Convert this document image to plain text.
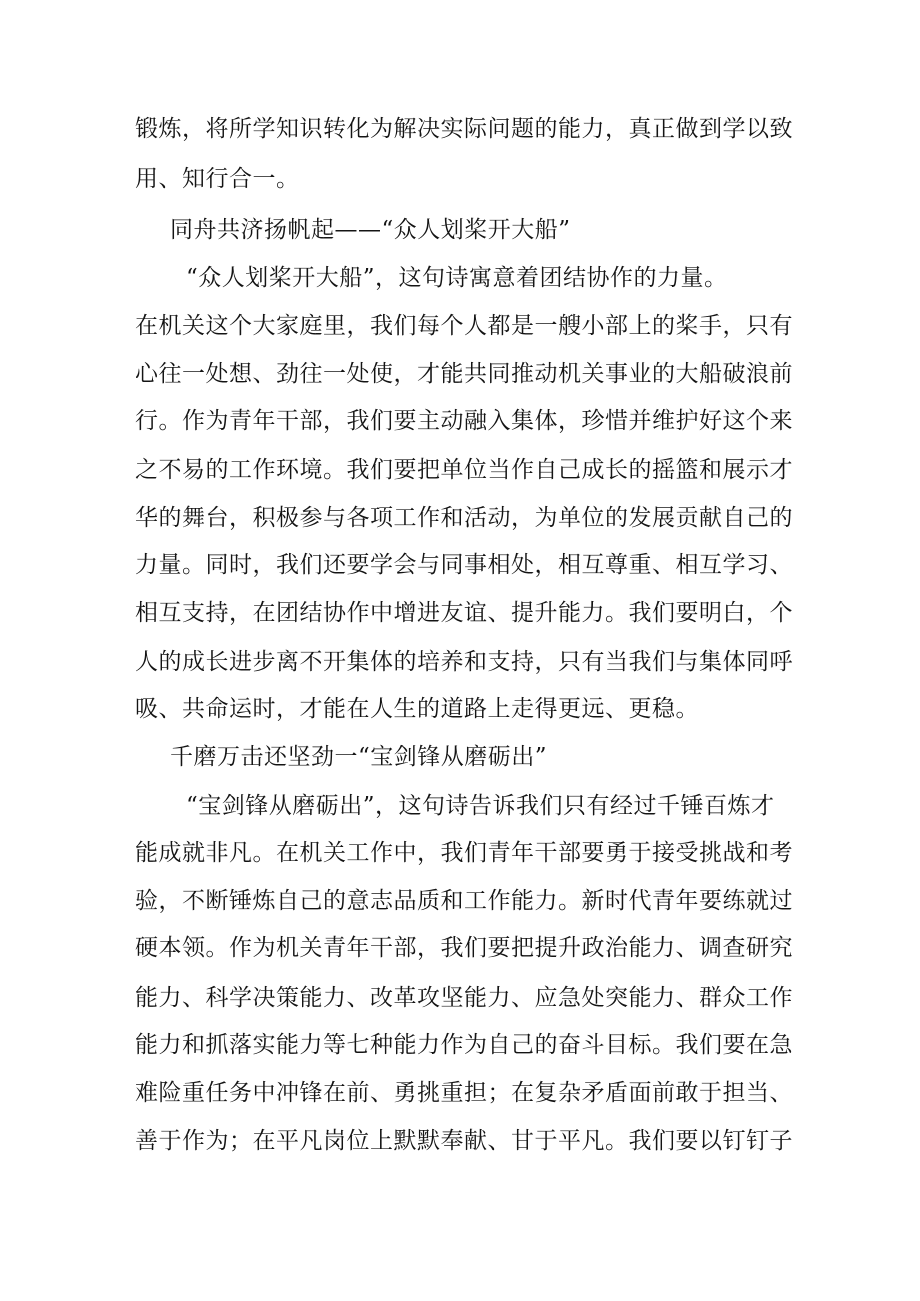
锻炼，将所学知识转化为解决实际问题的能力，真正做到学以致
用、知行合一。
同舟共济扬帆起——“众人划桨开大船”
“众人划桨开大船”，这句诗寓意着团结协作的力量。
在机关这个大家庭里，我们每个人都是一艘小部上的桨手，只有
心往一处想、劲往一处使，才能共同推动机关事业的大船破浪前
行。作为青年干部，我们要主动融入集体，珍惜并维护好这个来
之不易的工作环境。我们要把单位当作自己成长的摇篮和展示才
华的舞台，积极参与各项工作和活动，为单位的发展贡献自己的
力量。同时，我们还要学会与同事相处，相互尊重、相互学习、
相互支持，在团结协作中增进友谊、提升能力。我们要明白，个
人的成长进步离不开集体的培养和支持，只有当我们与集体同呼
吸、共命运时，才能在人生的道路上走得更远、更稳。
千磨万击还坚劲一“宝剑锋从磨砺出”
“宝剑锋从磨砺出”，这句诗告诉我们只有经过千锤百炼才
能成就非凡。在机关工作中，我们青年干部要勇于接受挑战和考
验，不断锤炼自己的意志品质和工作能力。新时代青年要练就过
硬本领。作为机关青年干部，我们要把提升政治能力、调查研究
能力、科学决策能力、改革攻坚能力、应急处突能力、群众工作
能力和抓落实能力等七种能力作为自己的奋斗目标。我们要在急
难险重任务中冲锋在前、勇挑重担；在复杂矛盾面前敢于担当、
善于作为；在平凡岗位上默默奉献、甘于平凡。我们要以钉钉子
